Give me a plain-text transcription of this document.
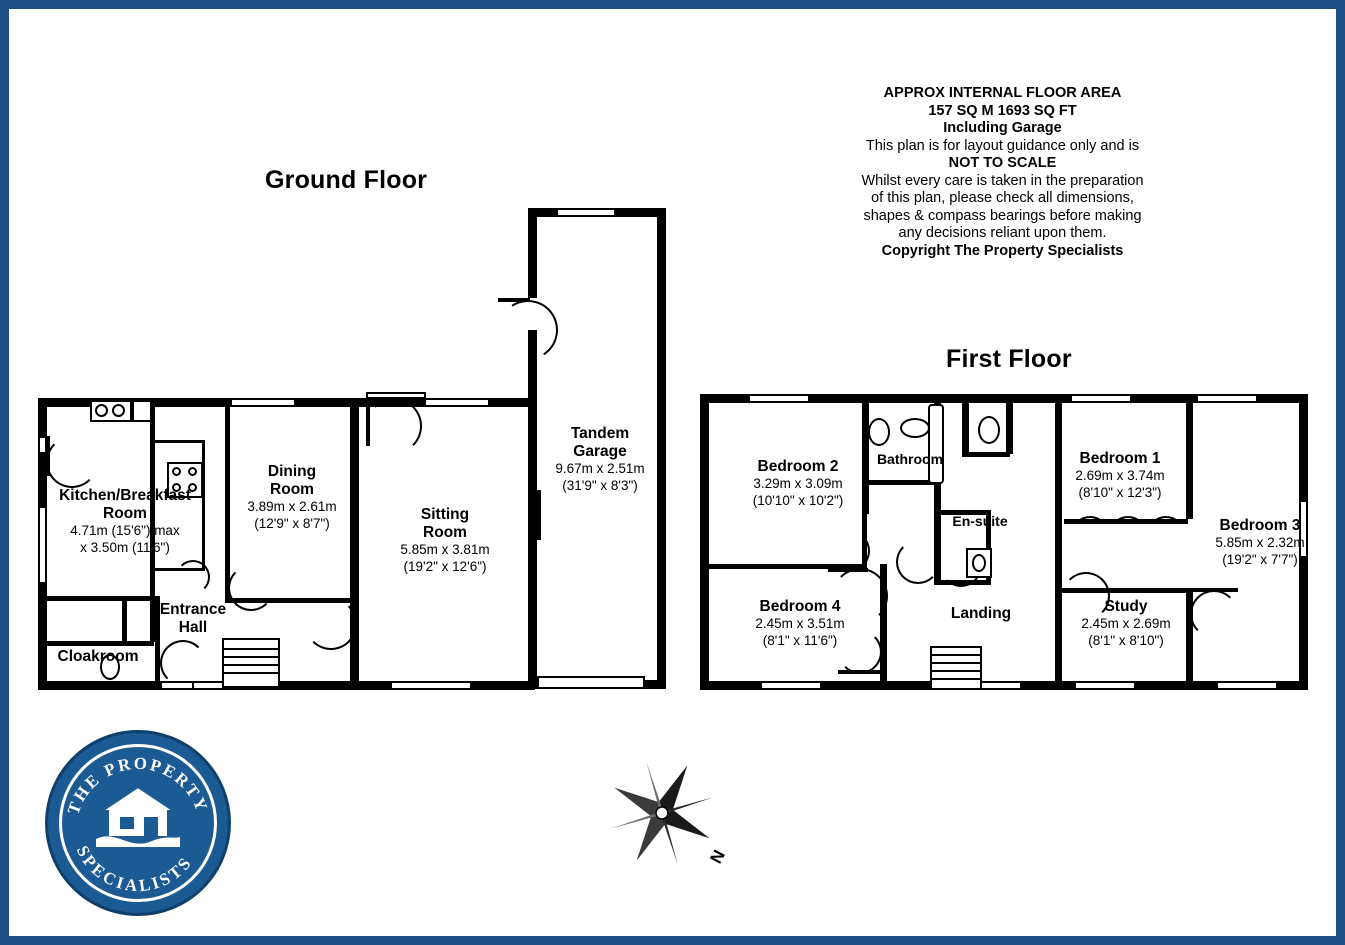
APPROX INTERNAL FLOOR AREA
157 SQ M 1693 SQ FT
Including Garage
This plan is for layout guidance only and is
NOT TO SCALE
Whilst every care is taken in the preparation
of this plan, please check all dimensions,
shapes & compass bearings before making
any decisions reliant upon them.
Copyright The Property Specialists
Ground Floor
First Floor
Kitchen/Breakfast
Room
4.71m (15'6") max
x 3.50m (11'6")
Dining
Room
3.89m x 2.61m
(12'9" x 8'7")	Sitting
Room
5.85m x 3.81m
(19'2" x 12'6")
Tandem
Garage
9.67m x 2.51m
(31'9" x 8'3")
Entrance
Hall
Cloakroom
Bedroom 2
3.29m x 3.09m
(10'10" x 10'2")
Bathroom	Bedroom 1
2.69m x 3.74m
(8'10" x 12'3")
Bedroom 3
5.85m x 2.32m
(19'2" x 7'7")
En-suite
Bedroom 4
2.45m x 3.51m
(8'1" x 11'6")
Landing	Study
2.45m x 2.69m
(8'1" x 8'10")
THE PROPERTY
SPECIALISTS	N
